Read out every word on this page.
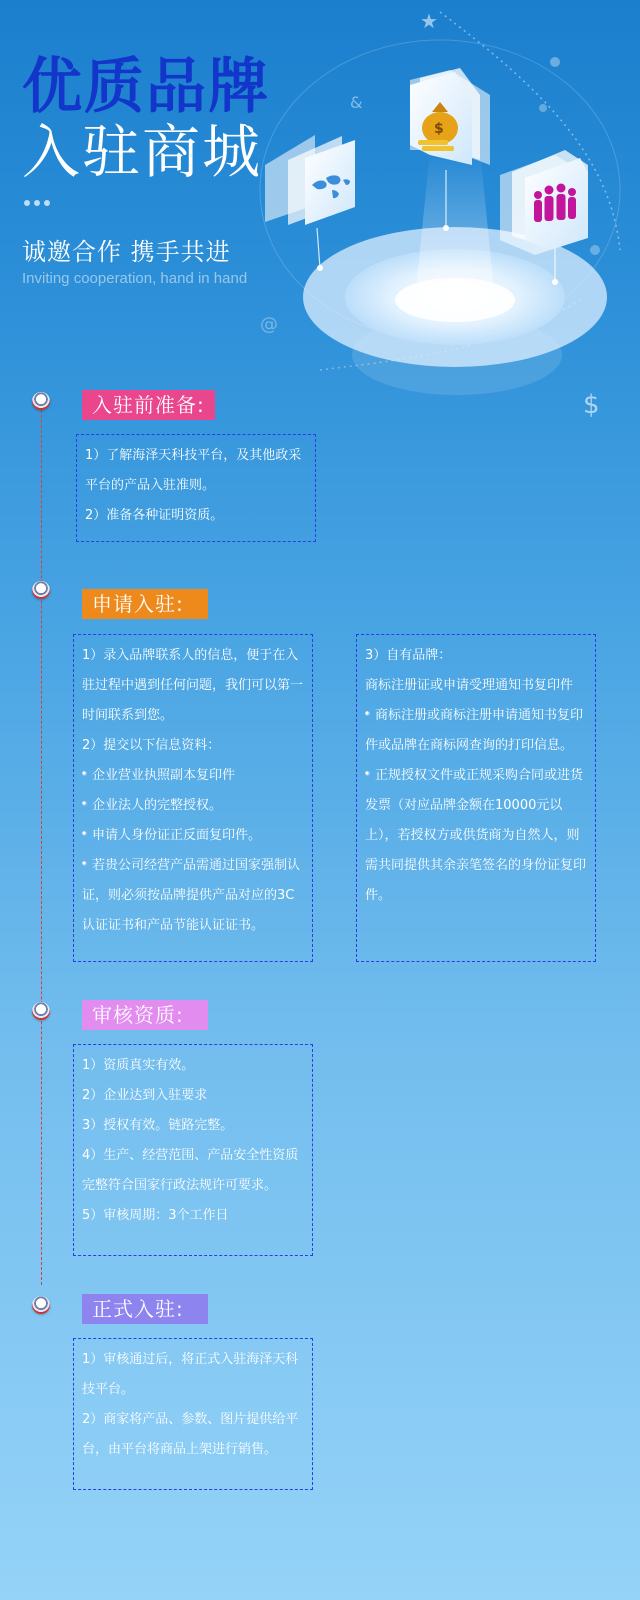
优质品牌
入驻商城
诚邀合作 携手共进
Inviting cooperation, hand in hand
★
&
@
$
$
入驻前准备:

1）了解海泽天科技平台，及其他政采平台的产品入驻准则。

2）准备各种证明资质。

申请入驻:

1）录入品牌联系人的信息，便于在入驻过程中遇到任何问题，我们可以第一时间联系到您。

2）提交以下信息资料：

企业营业执照副本复印件

企业法人的完整授权。

申请人身份证正反面复印件。

若贵公司经营产品需通过国家强制认证，则必须按品牌提供产品对应的3C认证证书和产品节能认证证书。

3）自有品牌：

商标注册证或申请受理通知书复印件

商标注册或商标注册申请通知书复印件或品牌在商标网查询的打印信息。

正规授权文件或正规采购合同或进货发票（对应品牌金额在10000元以上），若授权方或供货商为自然人，则需共同提供其余亲笔签名的身份证复印件。

审核资质:

1）资质真实有效。

2）企业达到入驻要求

3）授权有效。链路完整。

4）生产、经营范围、产品安全性资质完整符合国家行政法规许可要求。

5）审核周期：3个工作日

正式入驻:

1）审核通过后，将正式入驻海泽天科技平台。

2）商家将产品、参数、图片提供给平台，由平台将商品上架进行销售。
